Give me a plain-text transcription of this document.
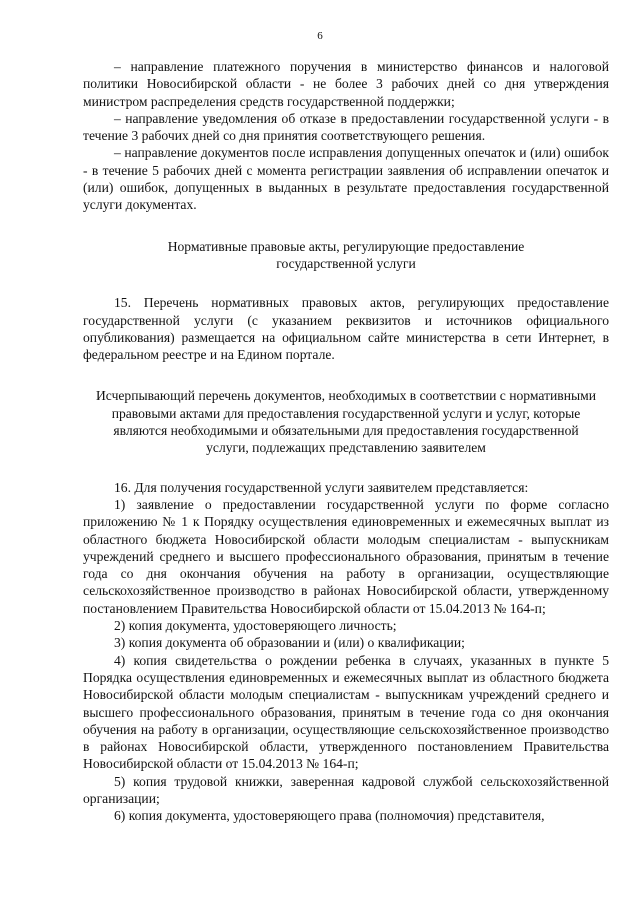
6

– направление платежного поручения в министерство финансов и налоговой политики Новосибирской области - не более 3 рабочих дней со дня утверждения министром распределения средств государственной поддержки;

– направление уведомления об отказе в предоставлении государственной услуги - в течение 3 рабочих дней со дня принятия соответствующего решения.

– направление документов после исправления допущенных опечаток и (или) ошибок - в течение 5 рабочих дней с момента регистрации заявления об исправлении опечаток и (или) ошибок, допущенных в выданных в результате предоставления государственной услуги документах.

Нормативные правовые акты, регулирующие предоставление государственной услуги

15. Перечень нормативных правовых актов, регулирующих предоставление государственной услуги (с указанием реквизитов и источников официального опубликования) размещается на официальном сайте министерства в сети Интернет, в федеральном реестре и на Едином портале.

Исчерпывающий перечень документов, необходимых в соответствии с нормативными правовыми актами для предоставления государственной услуги и услуг, которые являются необходимыми и обязательными для предоставления государственной услуги, подлежащих представлению заявителем

16. Для получения государственной услуги заявителем представляется:

1) заявление о предоставлении государственной услуги по форме согласно приложению № 1 к Порядку осуществления единовременных и ежемесячных выплат из областного бюджета Новосибирской области молодым специалистам - выпускникам учреждений среднего и высшего профессионального образования, принятым в течение года со дня окончания обучения на работу в организации, осуществляющие сельскохозяйственное производство в районах Новосибирской области, утвержденному постановлением Правительства Новосибирской области от 15.04.2013 № 164-п;

2) копия документа, удостоверяющего личность;

3) копия документа об образовании и (или) о квалификации;

4) копия свидетельства о рождении ребенка в случаях, указанных в пункте 5 Порядка осуществления единовременных и ежемесячных выплат из областного бюджета Новосибирской области молодым специалистам - выпускникам учреждений среднего и высшего профессионального образования, принятым в течение года со дня окончания обучения на работу в организации, осуществляющие сельскохозяйственное производство в районах Новосибирской области, утвержденного постановлением Правительства Новосибирской области от 15.04.2013 № 164-п;

5) копия трудовой книжки, заверенная кадровой службой сельскохозяйственной организации;

6) копия документа, удостоверяющего права (полномочия) представителя,
